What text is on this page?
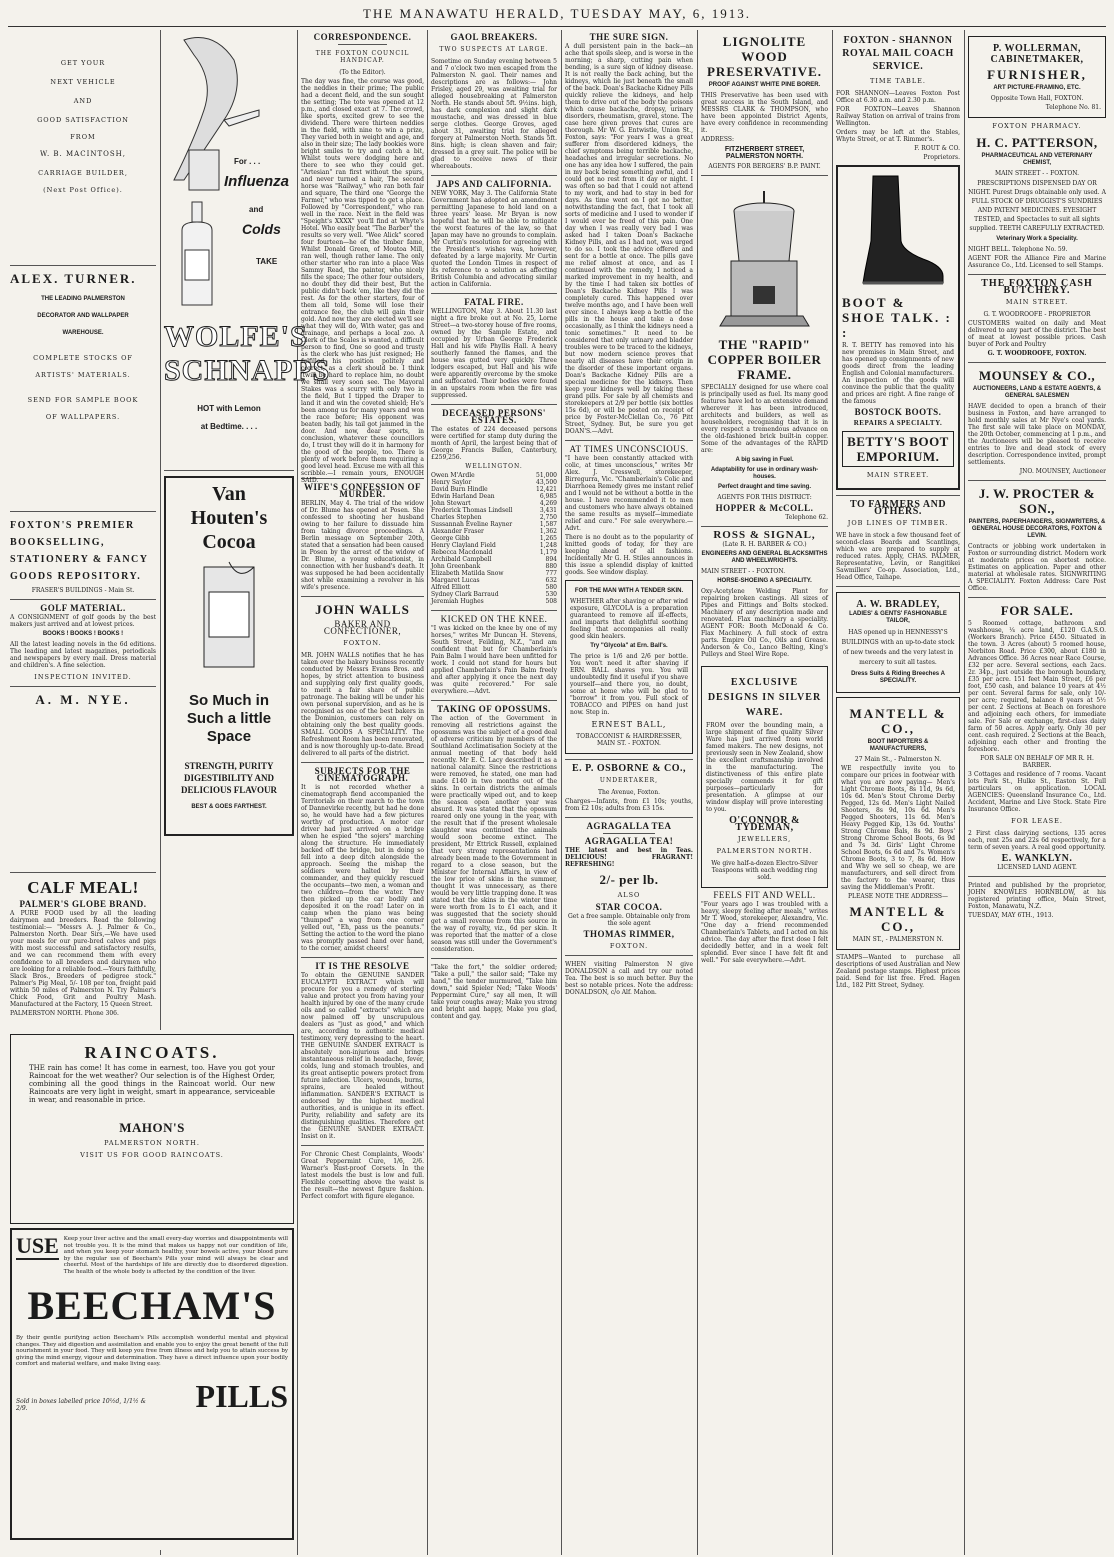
THE MANAWATU HERALD, TUESDAY MAY, 6, 1913.
GET YOUR
NEXT VEHICLE
AND
GOOD SATISFACTION
FROM
W. B. MACINTOSH,
CARRIAGE BUILDER,
(Next Post Office).
ALEX. TURNER.
THE LEADING PALMERSTON
DECORATOR AND WALLPAPER
WAREHOUSE.
COMPLETE STOCKS OF
ARTISTS' MATERIALS.
SEND FOR SAMPLE BOOK
OF WALLPAPERS.
FOXTON'S PREMIER BOOKSELLING, STATIONERY & FANCY GOODS REPOSITORY.
FRASER'S BUILDINGS - Main St.
GOLF MATERIAL.
A CONSIGNMENT of golf goods by the best makers just arrived and at lowest prices.
BOOKS ! BOOKS ! BOOKS !
All the latest leading novels in the 6d editions. The leading and latest magazines, periodicals and newspapers by every mail. Dress material and children's. A fine selection.
INSPECTION INVITED.
A. M. NYE.
CALF MEAL!
PALMER'S GLOBE BRAND.
A PURE FOOD used by all the leading dairymen and breeders. Read the following testimonial:— "Messrs A. J. Palmer & Co., Palmerston North. Dear Sirs,—We have used your meals for our pure-bred calves and pigs with most successful and satisfactory results, and we can recommend them with every confidence to all breeders and dairymen who are looking for a reliable food.—Yours faithfully, Slack Bros., Breeders of pedigree stock." Palmer's Pig Meal, 5/- 108 per ton, freight paid within 50 miles of Palmerston N. Try Palmer's Chick Food, Grit and Poultry Mash. Manufactured at the Factory, 15 Queen Street.
PALMERSTON NORTH. Phone 306.
For . . .
Influenza
and
Colds
TAKE
WOLFE'S SCHNAPPS
HOT with Lemon
at Bedtime. . . .
Van Houten's Cocoa
So Much in Such a little Space
STRENGTH, PURITY DIGESTIBILITY AND DELICIOUS FLAVOUR
BEST & GOES FARTHEST.
RAINCOATS.
THE rain has come! It has come in earnest, too. Have you got your Raincoat for the wet weather? Our selection is of the Highest Order, combining all the good things in the Raincoat world. Our new Raincoats are very light in weight, smart in appearance, serviceable in wear, and reasonable in price.
MAHON'S
PALMERSTON NORTH.
VISIT US FOR GOOD RAINCOATS.
USE Keep your liver active and the small every-day worries and disappointments will not trouble you. It is the mind that makes us happy not our condition of life, and when you keep your stomach healthy, your bowels active, your blood pure by the regular use of Beecham's Pills your mind will always be clear and cheerful. Most of the hardships of life are directly due to disordered digestion. The health of the whole body is affected by the condition of the liver.
BEECHAM'S
By their gentle purifying action Beecham's Pills accomplish wonderful mental and physical changes. They aid digestion and assimilation and enable you to enjoy the great benefit of the full nourishment in your food. They will keep you free from illness and help you to attain success by giving the mind energy, vigour and determination. They have a direct influence upon your bodily comfort and material welfare, and make living easy.
Sold in boxes labelled price 10½d, 1/1½ & 2/9.	PILLS
CORRESPONDENCE.
THE FOXTON COUNCIL HANDICAP.
(To the Editor).
The day was fine, the course was good, the neddies in their prime; The public had a decent field, and the sun sought the setting; The tote was opened at 12 p.m., and closed exact at 7. The crowd, like sports, excited grew to see the dividend. There were thirteen neddies in the field, with nine to win a prize, They varied both in weight and age, and also in their size; The lady bookies wore bright smiles to try and catch a bit, Whilst touts were dodging here and there to see who they could get. "Artesian" ran first without the spurs, and never turned a hair, The second horse was "Railway," who ran both fair and square, The third one "George the Farmer," who was tipped to get a place. Followed by "Correspondent," who ran well in the race. Next in the field was "Speight's XXXX" you'll find at Whyte's Hotel. Who easily beat "The Barber" the results so very well. "Wee Alick" scored four fourteen—he of the timber fame, Whilst Donald Green, of Moutoa Mill, ran well, though rather lame. The only other starter who ran into a place Was Sammy Read, the painter, who nicely fills the space; The other four outsiders, no doubt they did their best, But the public didn't back 'em, like they did the rest. As for the other starters, four of them all told, Some will lose their entrance fee, the club will gain their gold. And now they are elected we'll see what they will do, With water, gas and drainage, and perhaps a local zoo. A Clerk of the Scales is wanted, a difficult person to find, One so good and trusty as the clerk who has just resigned; He fulfilled his position politely and correct, as a clerk should be. I think 'twill be hard to replace him, no doubt we shall very soon see. The Mayoral Stakes was a scurry with only two in the field, But I tipped the Draper to land it and win the coveted shield; He's been among us for many years and won the race before; His opponent was beaten badly, his tail got jammed in the door. And now, dear sports, in conclusion, whatever these councillors do, I trust they will do it in harmony for the good of the people, too. There is plenty of work before them requiring a good level head. Excuse me with all this scribble.—I remain yours, ENOUGH SAID.
WIFE'S CONFESSION OF MURDER.
BERLIN, May 4. The trial of the widow of Dr. Blume has opened at Posen. She confessed to shooting her husband owing to her failure to dissuade him from taking divorce proceedings. A Berlin message on September 20th, stated that a sensation had been caused in Posen by the arrest of the widow of Dr. Blume, a young educationist, in connection with her husband's death. It was supposed he had been accidentally shot while examining a revolver in his wife's presence.
JOHN WALLS
BAKER AND CONFECTIONER,
FOXTON.
MR. JOHN WALLS notifies that he has taken over the bakery business recently conducted by Messrs Evans Bros. and hopes, by strict attention to business and supplying only first quality goods, to merit a fair share of public patronage. The baking will be under his own personal supervision, and as he is recognised as one of the best bakers in the Dominion, customers can rely on obtaining only the best quality goods. SMALL GOODS A SPECIALITY. The Refreshment Room has been renovated, and is now thoroughly up-to-date. Bread delivered to all parts of the district.
SUBJECTS FOR THE CINEMATOGRAPH.
It is not recorded whether a cinematograph fiend accompanied the Territorials on their march to the town of Dannevirke recently, but had he done so, he would have had a few pictures worthy of production. A motor car driver had just arrived on a bridge when he espied "the sojers" marching along the structure. He immediately backed off the bridge, but in doing so fell into a deep ditch alongside the approach. Seeing the mishap the soldiers were halted by their commander, and they quickly rescued the occupants—two men, a woman and two children—from the water. They then picked up the car bodily and deposited it on the road! Later on in camp when the piano was being "thumped" a wag from one corner yelled out, "Eh, pass us the peanuts." Setting the action to the word the piano was promptly passed hand over hand, to the corner, amidst cheers!
IT IS THE RESOLVE
To obtain the GENUINE SANDER EUCALYPTI EXTRACT which will procure for you a remedy of sterling value and protect you from having your health injured by one of the many crude oils and so called "extracts" which are now palmed off by unscrupulous dealers as "just as good," and which are, according to authentic medical testimony, very depressing to the heart. THE GENUINE SANDER EXTRACT is absolutely non-injurious and brings instantaneous relief in headache, fever, colds, lung and stomach troubles, and its great antiseptic powers protect from future infection. Ulcers, wounds, burns, sprains, are healed without inflammation. SANDER'S EXTRACT is endorsed by the highest medical authorities, and is unique in its effect. Purity, reliability and safety are its distinguishing qualities. Therefore get the GENUINE SANDER EXTRACT. Insist on it.
For Chronic Chest Complaints, Woods' Great Peppermint Cure, 1/6, 2/6. Warner's Rust-proof Corsets. In the latest models the bust is low and full. Flexible corsetting above the waist is the result—the newest figure fashion. Perfect comfort with figure elegance.
GAOL BREAKERS.
TWO SUSPECTS AT LARGE.
Sometime on Sunday evening between 5 and 7 o'clock two men escaped from the Palmerston N. gaol. Their names and descriptions are as follows:— John Frisley, aged 29, was awaiting trial for alleged housebreaking at Palmerston North. He stands about 5ft. 9½ins. high, has dark complexion and slight dark moustache, and was dressed in blue serge clothes. George Groves, aged about 31, awaiting trial for alleged forgery at Palmerston North. Stands 5ft. 8ins. high; is clean shaven and fair; dressed in a grey suit. The police will be glad to receive news of their whereabouts.
JAPS AND CALIFORNIA.
NEW YORK, May 3. The California State Government has adopted an amendment permitting Japanese to hold land on a three years' lease. Mr Bryan is now hopeful that he will be able to mitigate the worst features of the law, so that Japan may have no grounds to complain. Mr Curtin's resolution for agreeing with the President's wishes was, however, defeated by a large majority. Mr Curtin quoted the London Times in respect of its reference to a solution as affecting British Columbia and advocating similar action in California.
FATAL FIRE.
WELLINGTON, May 3. About 11.30 last night a fire broke out at No. 25, Lorne Street—a two-storey house of five rooms, owned by the Sample Estate, and occupied by Urban George Frederick Hall and his wife Phyllis Hall. A heavy southerly fanned the flames, and the house was gutted very quickly. Three lodgers escaped, but Hall and his wife were apparently overcome by the smoke and suffocated. Their bodies were found in an upstairs room when the fire was suppressed.
DECEASED PERSONS' ESTATES.
The estates of 224 deceased persons were certified for stamp duty during the month of April, the largest being that of George Francis Bullen, Canterbury, £259,256.
WELLINGTON.
Owen M'Ardle	51,000
Henry Saylor	43,500
David Burn Hindle	12,421
Edwin Harland Dean	6,985
John Stewart	4,269
Frederick Thomas Lindsell	3,431
Charles Stephen	2,750
Sussannah Eveline Rayner	1,587
Alexander Fraser	1,362
George Gibb	1,265
Henry Clayland Field	1,248
Rebecca Macdonald	1,179
Archibald Campbell	894
John Greenbank	880
Elizabeth Matilda Snow	777
Margaret Lucas	632
Alfred Elliott	580
Sydney Clark Barraud	530
Jeremiah Hughes	508
KICKED ON THE KNEE.
"I was kicked on the knee by one of my horses," writes Mr Duncan H. Stevens, South Street, Feilding, N.Z., "and am confident that but for Chamberlain's Pain Balm I would have been unfitted for work. I could not stand for hours but applied Chamberlain's Pain Balm freely and after applying it once the next day was quite recovered." For sale everywhere.—Advt.
TAKING OF OPOSSUMS.
The action of the Government in removing all restrictions against the opossums was the subject of a good deal of adverse criticism by members of the Southland Acclimatisation Society at the annual meeting of that body held recently. Mr E. C. Lacy described it as a national calamity. Since the restrictions were removed, he stated, one man had made £140 in two months out of the skins. In certain districts the animals were practically wiped out, and to keep the season open another year was absurd. It was stated that the opossum reared only one young in the year, with the result that if the present wholesale slaughter was continued the animals would soon become extinct. The president, Mr Ettrick Russell, explained that very strong representations had already been made to the Government in regard to a close season, but the Minister for Internal Affairs, in view of the low price of skins in the summer, thought it was unnecessary, as there would be very little trapping done. It was stated that the skins in the winter time were worth from 1s to £1 each, and it was suggested that the society should get a small revenue from this source in the way of royalty, viz., 6d per skin. It was reported that the matter of a close season was still under the Government's consideration.
"Take the fort," the soldier ordered; "Take a pull," the sailor said; "Take my hand," the tender murmured, "Take him down," said Spieler Ned; "Take Woods' Peppermint Cure," say all men, It will take your coughs away; Make you strong and bright and happy, Make you glad, content and gay.
THE SURE SIGN.
A dull persistent pain in the back—an ache that spoils sleep, and is worse in the morning; a sharp, cutting pain when bending, is a sure sign of kidney disease. It is not really the back aching, but the kidneys, which lie just beneath the small of the back. Doan's Backache Kidney Pills quickly relieve the kidneys, and help them to drive out of the body the poisons which cause backache, dropsy, urinary disorders, rheumatism, gravel, stone. The case here given proves that cures are thorough. Mr W. G. Entwistle, Union St., Foxton, says: "For years I was a great sufferer from disordered kidneys, the chief symptoms being terrible backache, headaches and irregular secretions. No one has any idea how I suffered, the pain in my back being something awful, and I could get no rest from it day or night. I was often so bad that I could not attend to my work, and had to stay in bed for days. As time went on I got no better, notwithstanding the fact, that I took all sorts of medicine and I used to wonder if I would ever be freed of this pain. One day when I was really very bad I was asked had I taken Doan's Backache Kidney Pills, and as I had not, was urged to do so. I took the advice offered and sent for a bottle at once. The pills gave me relief almost at once, and as I continued with the remedy, I noticed a marked improvement in my health, and by the time I had taken six bottles of Doan's Backache Kidney Pills I was completely cured. This happened over twelve months ago, and I have been well ever since. I always keep a bottle of the pills in the house and take a dose occasionally, as I think the kidneys need a tonic sometimes." It need to be considered that only urinary and bladder troubles were to be traced to the kidneys, but now modern science proves that nearly all diseases have their origin in the disorder of these important organs. Doan's Backache Kidney Pills are a special medicine for the kidneys. Then keep your kidneys well by taking these grand pills. For sale by all chemists and storekeepers at 2/9 per bottle (six bottles 15s 6d), or will be posted on receipt of price by Foster-McClellan Co., 76 Pitt Street, Sydney. But, be sure you get DOAN'S.—Advt.
AT TIMES UNCONSCIOUS.
"I have been constantly attacked with colic, at times unconscious," writes Mr Alex. J. Cresswell, storekeeper, Birregurra, Vic. "Chamberlain's Colic and Diarrhoea Remedy gives me instant relief and I would not be without a bottle in the house. I have recommended it to men and customers who have always obtained the same results as myself—immediate relief and cure." For sale everywhere.—Advt.
There is no doubt as to the popularity of knitted goods of today, for they are keeping ahead of all fashions. Incidentally Mr G. H. Stiles announces in this issue a splendid display of knitted goods. See window display.
FOR THE MAN WITH A TENDER SKIN.
WHETHER after shaving or after wind exposure, GLYCOLA is a preparation guaranteed to remove all ill-effects, and imparts that delightful soothing feeling that accompanies all really good skin healers.
Try "Glycola" at Ern. Ball's.
The price is 1/6 and 2/6 per bottle. You won't need it after shaving if ERN. BALL shaves you. You will undoubtedly find it useful if you shave yourself—and there you, no doubt, some at home who will be glad to "borrow" it from you. Full stock of TOBACCO and PIPES on hand just now. Step in.
ERNEST BALL,
TOBACCONIST & HAIRDRESSER, MAIN ST. - FOXTON.
E. P. OSBORNE & CO.,
UNDERTAKER,
The Avenue, Foxton.
Charges—Infants, from £1 10s; youths, from £2 10s; adults from £3 15s.
AGRAGALLA TEA
AGRAGALLA TEA!
THE latest and best in Teas. DELICIOUS! FRAGRANT! REFRESHING!
2/- per lb.
ALSO
STAR COCOA.
Get a free sample. Obtainable only from the sole agent
THOMAS RIMMER,
FOXTON.
WHEN visiting Palmerston N give DONALDSON a call and try our noted Tea. The best is so much better. Buy the best so notable prices. Note the address: DONALDSON, c/o Alf. Mahon.
LIGNOLITE WOOD PRESERVATIVE.
PROOF AGAINST WHITE PINE BORER.
THIS Preservative has been used with great success in the South Island, and MESSRS CLARK & THOMPSON, who have been appointed District Agents, have every confidence in recommending it.
ADDRESS:
FITZHERBERT STREET, PALMERSTON NORTH.
AGENTS FOR BERGERS' B.P. PAINT.
THE "RAPID" COPPER BOILER FRAME.
SPECIALLY designed for use where coal is principally used as fuel. Its many good features have led to an extensive demand wherever it has been introduced, architects and builders, as well as householders, recognising that it is in every respect a tremendous advance on the old-fashioned brick built-in copper. Some of the advantages of the RAPID are:
A big saving in Fuel.
Adaptability for use in ordinary wash-houses.
Perfect draught and time saving.
AGENTS FOR THIS DISTRICT:
HOPPER & McCOLL.
Telephone 62.
ROSS & SIGNAL,
(Late R. H. BARBER & CO.)
ENGINEERS AND GENERAL BLACKSMITHS AND WHEELWRIGHTS.
MAIN STREET - - FOXTON.
HORSE-SHOEING A SPECIALITY.
Oxy-Acetylene Welding Plant for repairing broken castings. All sizes of Pipes and Fittings and Bolts stocked. Machinery of any description made and renovated. Flax machinery a speciality. AGENT FOR: Booth McDonald & Co. Flax Machinery. A full stock of extra parts. Empire Oil Co., Oils and Grease. Anderson & Co., Lanco Belting, King's Pulleys and Steel Wire Rope.
EXCLUSIVE DESIGNS IN SILVER WARE.
FROM over the bounding main, a large shipment of fine quality Silver Ware has just arrived from world famed makers. The new designs, not previously seen in New Zealand, show the excellent craftsmanship involved in the manufacturing. The distinctiveness of this entire plate specially commends it for gift purposes—particularly for presentation. A glimpse at our window display will prove interesting to you.
O'CONNOR & TYDEMAN,
JEWELLERS,
PALMERSTON NORTH.
We give half-a-dozen Electro-Silver Teaspoons with each wedding ring sold.
FEELS FIT AND WELL.
"Four years ago I was troubled with a heavy, sleepy feeling after meals," writes Mr T. Wood, storekeeper, Alexandra, Vic. "One day a friend recommended Chamberlain's Tablets, and I acted on his advice. The day after the first dose I felt decidedly better, and in a week felt splendid. Ever since I have felt fit and well." For sale everywhere.—Advt.
FOXTON - SHANNON ROYAL MAIL COACH SERVICE.
TIME TABLE.
FOR SHANNON—Leaves Foxton Post Office at 6.30 a.m. and 2.30 p.m.
FOR FOXTON—Leaves Shannon Railway Station on arrival of trains from Wellington.
Orders may be left at the Stables, Whyte Street, or at T. Rimmer's.
F. ROUT & CO.
Proprietors.
BOOT & SHOE TALK. : :
R. T. BETTY has removed into his new premises in Main Street, and has opened up consignments of new goods direct from the leading English and Colonial manufacturers. An inspection of the goods will convince the public that the quality and prices are right. A fine range of the famous
BOSTOCK BOOTS.
REPAIRS A SPECIALTY.
BETTY'S BOOT EMPORIUM.
MAIN STREET.
TO FARMERS AND OTHERS.
JOB LINES OF TIMBER.
WE have in stock a few thousand feet of second-class Boards and Scantlings, which we are prepared to supply at reduced rates. Apply, CHAS. PALMER, Representative, Levin, or Rangitikei Sawmillers' Co-op. Association, Ltd., Head Office, Taihape.
A. W. BRADLEY,
LADIES' & GENTS' FASHIONABLE TAILOR,
HAS opened up in HENNESSY'S BUILDINGS with an up-to-date stock of new tweeds and the very latest in mercery to suit all tastes.
Dress Suits & Riding Breeches A SPECIALITY.
MANTELL & CO.,
BOOT IMPORTERS & MANUFACTURERS,
27 Main St., - Palmerston N.
WE respectfully invite you to compare our prices in footwear with what you are now paying— Men's Light Chrome Boots, 8s 11d, 9s 6d, 10s 6d. Men's Stout Chrome Derby Pegged, 12s 6d. Men's Light Nailed Shooters, 8s 9d, 10s 6d. Men's Pegged Shooters, 11s 6d. Men's Heavy Pegged Kip, 13s 6d. Youths' Strong Chrome Bals, 8s 9d. Boys' Strong Chrome School Boots, 6s 9d and 7s 3d. Girls' Light Chrome School Boots, 6s 6d and 7s. Women's Chrome Boots, 3 to 7, 8s 6d. How and Why we sell so cheap, we are manufacturers, and sell direct from the factory to the wearer, thus saving the Middleman's Profit.
PLEASE NOTE THE ADDRESS—
MANTELL & CO.,
MAIN ST., - PALMERSTON N.
STAMPS—Wanted to purchase all descriptions of used Australian and New Zealand postage stamps. Highest prices paid. Send for list free. Fred. Hagen Ltd., 182 Pitt Street, Sydney.
P. WOLLERMAN,
CABINETMAKER,
FURNISHER,
ART PICTURE-FRAMING, ETC.
Opposite Town Hall, FOXTON.
Telephone No. 81.
FOXTON PHARMACY.
H. C. PATTERSON,
PHARMACEUTICAL AND VETERINARY CHEMIST,
MAIN STREET - - FOXTON.
PRESCRIPTIONS DISPENSED DAY OR NIGHT. Purest Drugs obtainable only used. A FULL STOCK OF DRUGGIST'S SUNDRIES AND PATENT MEDICINES. EYESIGHT TESTED, and Spectacles to suit all sights supplied. TEETH CAREFULLY EXTRACTED.
Veterinary Work a Speciality.
NIGHT BELL. Telephone No. 59.
AGENT FOR the Alliance Fire and Marine Assurance Co., Ltd. Licensed to sell Stamps.
THE FOXTON CASH BUTCHERY.
MAIN STREET.
G. T. WOODROOFE - PROPRIETOR
CUSTOMERS waited on daily and Meat delivered to any part of the district. The best of meat at lowest possible prices. Cash buyer of Pork and Poultry
G. T. WOODROOFE, FOXTON.
MOUNSEY & CO.,
AUCTIONEERS, LAND & ESTATE AGENTS, & GENERAL SALESMEN
HAVE decided to open a branch of their business in Foxton, and have arranged to hold monthly sales at Mr Nye's coal yards. The first sale will take place on MONDAY, the 20th October, commencing at 1 p.m., and the Auctioneers will be pleased to receive entries to live and dead stock of every description. Correspondence invited, prompt settlements.
JNO. MOUNSEY, Auctioneer
J. W. PROCTER & SON.,
PAINTERS, PAPERHANGERS, SIGNWRITERS, & GENERAL HOUSE DECORATORS, FOXTON & LEVIN.
Contracts or jobbing work undertaken in Foxton or surrounding district. Modern work at moderate prices on shortest notice. Estimates on application. Paper and other material at wholesale rates. SIGNWRITING A SPECIALITY. Foxton Address: Care Post Office.
FOR SALE.
5 Roomed cottage, bathroom and washhouse, ¼ acre land, £120 G.A.S.O. (Workers Branch). Price £450. Situated in the town. 3 Acres (about) 5 roomed house, Norbiton Road. Price £300, about £180 in Advances Office. 36 Acres near Race Course, £32 per acre. Several sections, each 2acs. 2r. 34p., just outside the borough boundary, £35 per acre. 151 feet Main Street, £6 per foot, £50 cash, and balance 10 years at 4½ per cent. Several farms for sale, only 10/- per acre; required, balance 8 years at 5½ per cent. 2 Sections at Beach on foreshore and adjoining each others, for immediate sale. For Sale or exchange, first-class dairy farm of 50 acres. Apply early. Only 30 per cent. cash required. 2 Sections at the Beach, adjoining each other and fronting the foreshore.
FOR SALE ON BEHALF OF MR R. H. BARBER.
3 Cottages and residence of 7 rooms. Vacant lots Park St., Hulke St., Easton St. Full particulars on application. LOCAL AGENCIES: Queensland Insurance Co., Ltd. Accident, Marine and Live Stock. State Fire Insurance Office.
FOR LEASE.
2 First class dairying sections, 135 acres each, rent 25s and 22s 6d respectively, for a term of seven years. A real good opportunity.
E. WANKLYN.
LICENSED LAND AGENT.
Printed and published by the proprietor, JOHN KNOWLES HORNBLOW, at his registered printing office, Main Street, Foxton, Manawatu, N.Z.
TUESDAY, MAY 6TH., 1913.
